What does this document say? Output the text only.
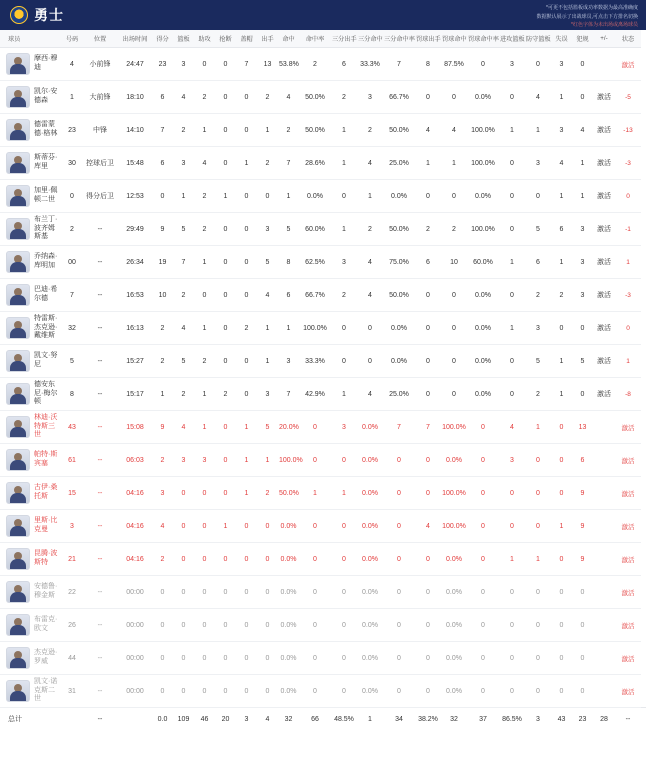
勇士	*可更不包括篮板成功率数据为最高准确度
数据默认展示了出战球员,可点击下方排名切换
*红色字体为未出场或离场球员
球员	号码	位置	出场时间	得分	篮板	助攻	抢断	盖帽	出手	命中	命中率	三分出手	三分命中	三分命中率	罚球出手	罚球命中	罚球命中率	进攻篮板	防守篮板	失误	犯规	+/-	状态	

摩西·穆迪	4	小前锋	24:47	23	3	0	0	7	13	53.8%	2	6	33.3%	7	8	87.5%	0	3	0	3	0		激活	

凯尔·安德森	1	大前锋	18:10	6	4	2	0	0	2	4	50.0%	2	3	66.7%	0	0	0.0%	0	4	1	0	激活	-5	

德雷蒙德·格林	23	中锋	14:10	7	2	1	0	0	1	2	50.0%	1	2	50.0%	4	4	100.0%	1	1	3	4	激活	-13	

斯蒂芬·库里	30	控球后卫	15:48	6	3	4	0	1	2	7	28.6%	1	4	25.0%	1	1	100.0%	0	3	4	1	激活	-3	

加里·佩顿二世	0	得分后卫	12:53	0	1	2	1	0	0	1	0.0%	0	1	0.0%	0	0	0.0%	0	0	1	1	激活	0	

布兰丁·波齐姆斯基	2	--	29:49	9	5	2	0	0	3	5	60.0%	1	2	50.0%	2	2	100.0%	0	5	6	3	激活	-1	

乔纳森·库明加	00	--	26:34	19	7	1	0	0	5	8	62.5%	3	4	75.0%	6	10	60.0%	1	6	1	3	激活	1	

巴迪·希尔德	7	--	16:53	10	2	0	0	0	4	6	66.7%	2	4	50.0%	0	0	0.0%	0	2	2	3	激活	-3	

特雷斯·杰克逊·戴维斯	32	--	16:13	2	4	1	0	2	1	1	100.0%	0	0	0.0%	0	0	0.0%	1	3	0	0	激活	0	

凯文·努尼	5	--	15:27	2	5	2	0	0	1	3	33.3%	0	0	0.0%	0	0	0.0%	0	5	1	5	激活	1	

德安东尼·梅尔顿	8	--	15:17	1	2	1	2	0	3	7	42.9%	1	4	25.0%	0	0	0.0%	0	2	1	0	激活	-8	

林迪·沃特斯三世	43	--	15:08	9	4	1	0	1	5	20.0%	0	3	0.0%	7	7	100.0%	0	4	1	0	13		激活	

帕特·斯宾塞	61	--	06:03	2	3	3	0	1	1	100.0%	0	0	0.0%	0	0	0.0%	0	3	0	0	6		激活	

古伊·桑托斯	15	--	04:16	3	0	0	0	1	2	50.0%	1	1	0.0%	0	0	100.0%	0	0	0	0	9		激活	

里斯·比克曼	3	--	04:16	4	0	0	1	0	0	0.0%	0	0	0.0%	0	4	100.0%	0	0	0	1	9		激活	

昆腾·波斯特	21	--	04:16	2	0	0	0	0	0	0.0%	0	0	0.0%	0	0	0.0%	0	1	1	0	9		激活	

安德鲁·穆金斯	22	--	00:00	0	0	0	0	0	0	0.0%	0	0	0.0%	0	0	0.0%	0	0	0	0	0		激活	

布雷克·欧文	26	--	00:00	0	0	0	0	0	0	0.0%	0	0	0.0%	0	0	0.0%	0	0	0	0	0		激活	

杰克逊·罗威	44	--	00:00	0	0	0	0	0	0	0.0%	0	0	0.0%	0	0	0.0%	0	0	0	0	0		激活	

凯文·诺克斯二世	31	--	00:00	0	0	0	0	0	0	0.0%	0	0	0.0%	0	0	0.0%	0	0	0	0	0		激活	
总计		--		0.0	109	46	20	3	4	32	66	48.5%	1	34	38.2%	32	37	86.5%	3	43	23	28	--	
